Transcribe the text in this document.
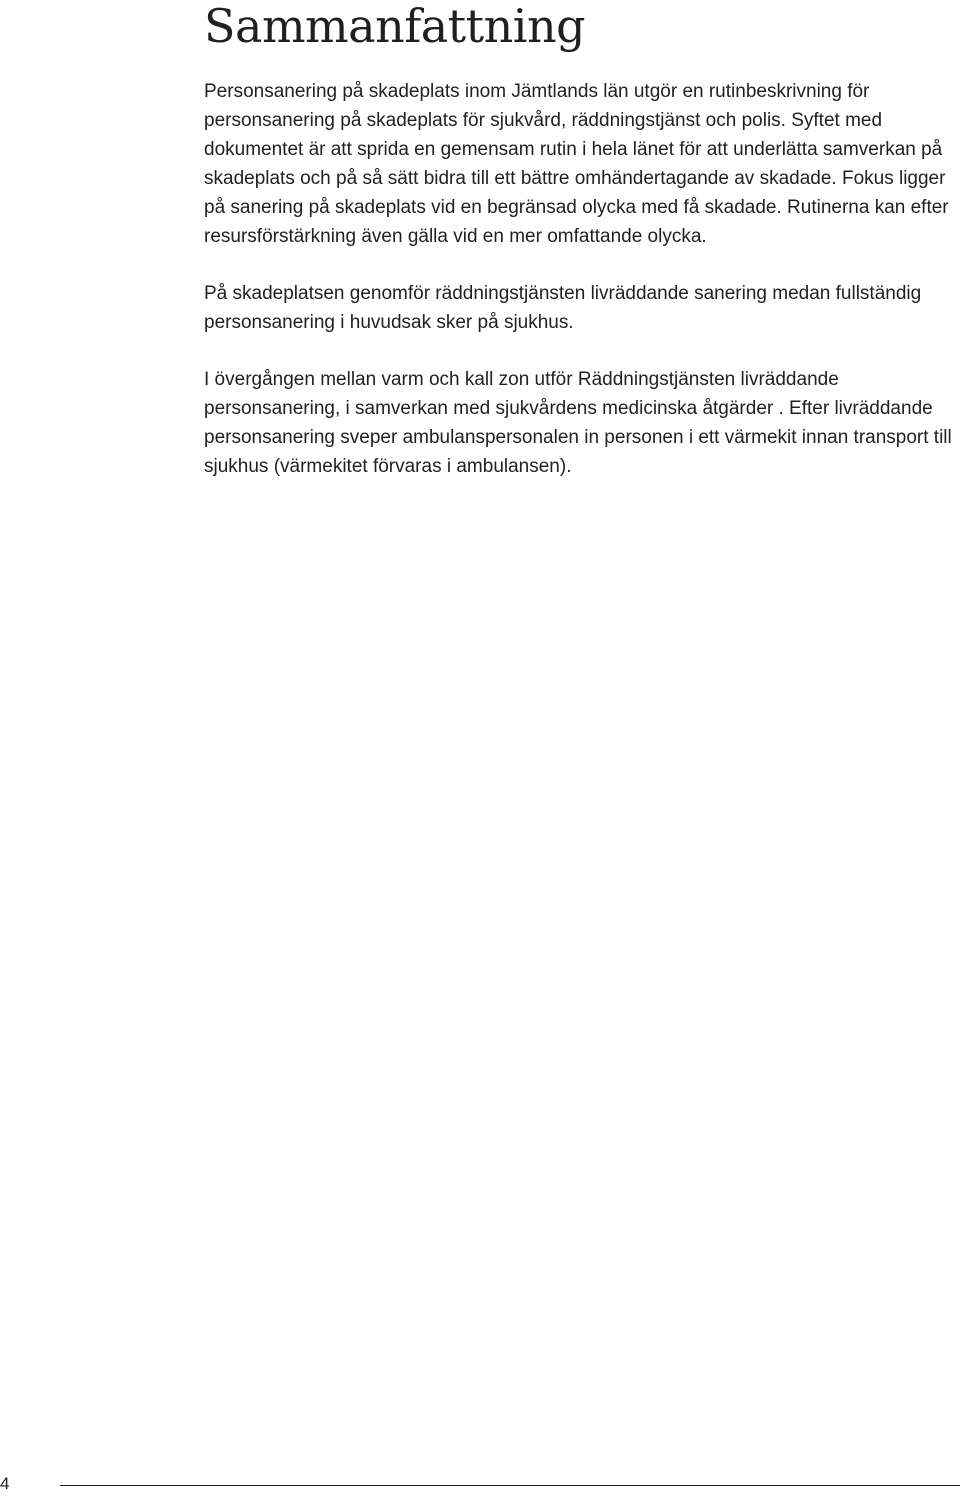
Sammanfattning

Personsanering på skadeplats inom Jämtlands län utgör en rutinbeskrivning för personsanering på skadeplats för sjukvård, räddningstjänst och polis. Syftet med dokumentet är att sprida en gemensam rutin i hela länet för att underlätta samverkan på skadeplats och på så sätt bidra till ett bättre omhändertagande av skadade. Fokus ligger på sanering på skadeplats vid en begränsad olycka med få skadade. Rutinerna kan efter resursförstärkning även gälla vid en mer omfattande olycka.

På skadeplatsen genomför räddningstjänsten livräddande sanering medan fullständig personsanering i huvudsak sker på sjukhus.

I övergången mellan varm och kall zon utför Räddningstjänsten livräddande personsanering, i samverkan med sjukvårdens medicinska åtgärder . Efter livräddande personsanering sveper ambulanspersonalen in personen i ett värmekit innan transport till sjukhus (värmekitet förvaras i ambulansen).

4
